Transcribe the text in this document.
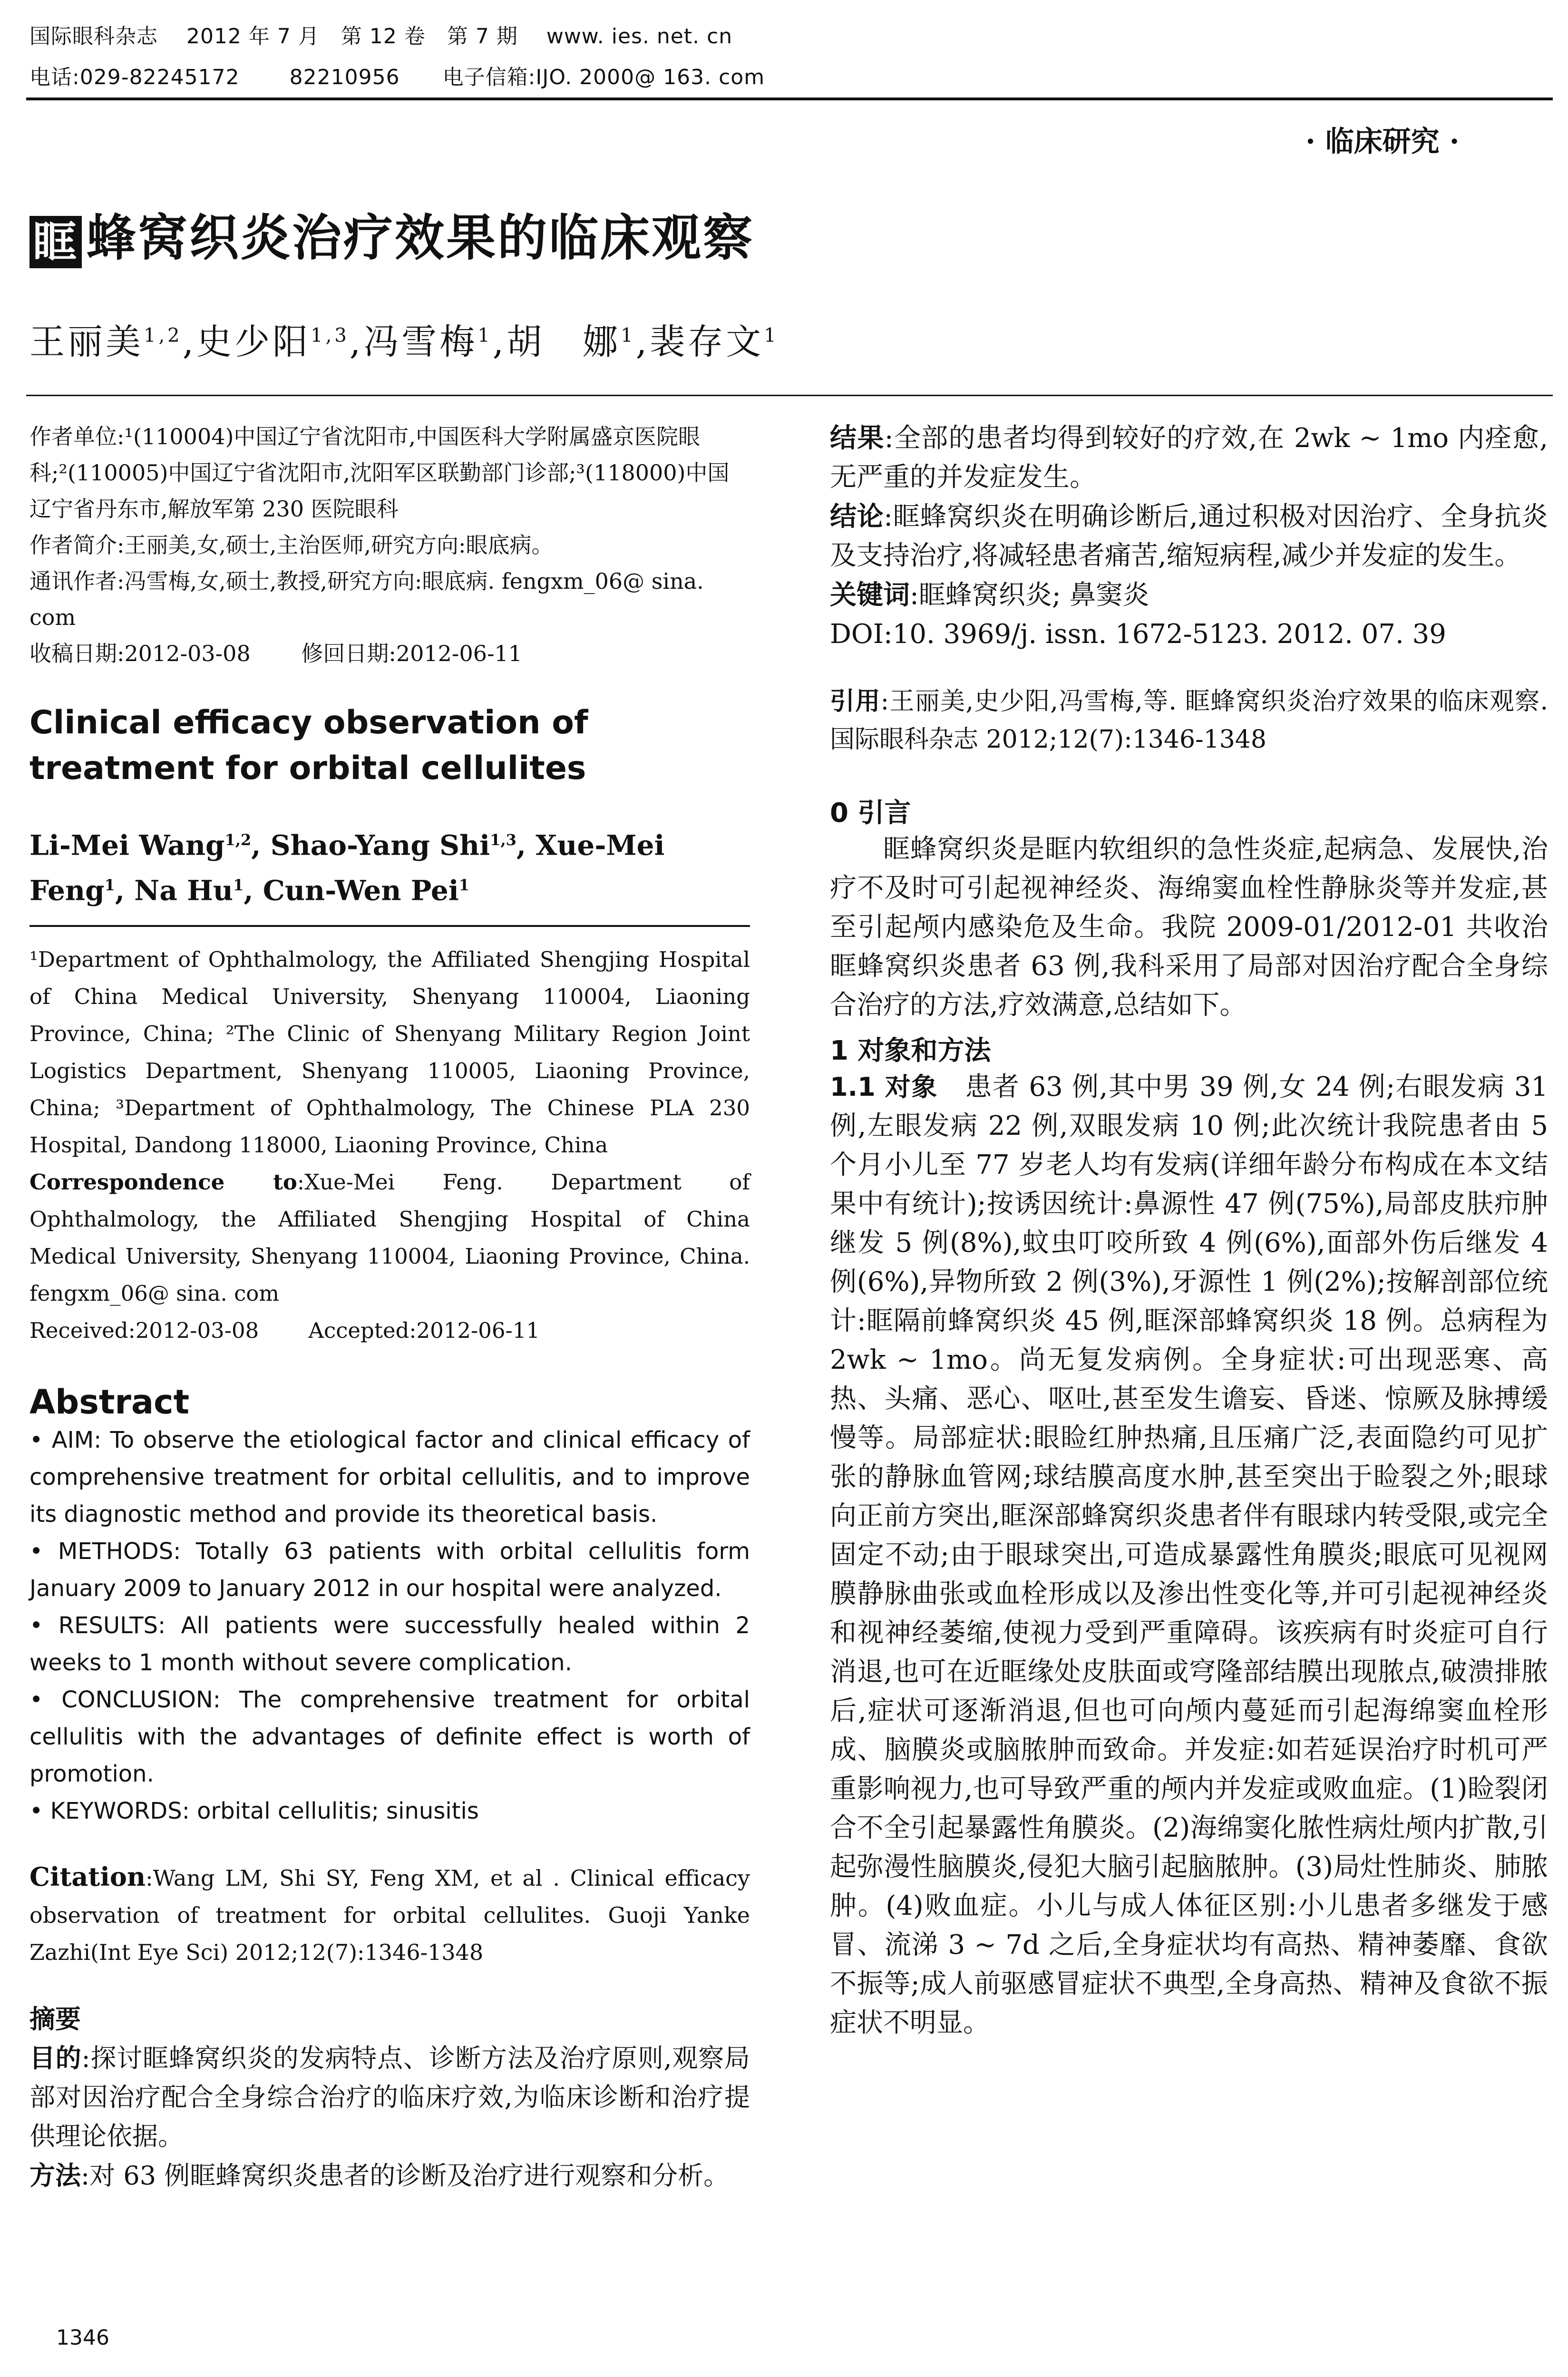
国际眼科杂志　 2012 年 7 月　第 12 卷　第 7 期　 www. ies. net. cn
电话:029-82245172　　 82210956　　电子信箱:IJO. 2000@ 163. com
· 临床研究 ·
眶 蜂窝织炎治疗效果的临床观察
王丽美$^{1,2}$,史少阳$^{1,3}$,冯雪梅$^1$,胡　娜$^1$,裴存文$^1$
作者单位:¹(110004)中国辽宁省沈阳市,中国医科大学附属盛京医院眼科;²(110005)中国辽宁省沈阳市,沈阳军区联勤部门诊部;³(118000)中国辽宁省丹东市,解放军第 230 医院眼科
作者简介:王丽美,女,硕士,主治医师,研究方向:眼底病。
通讯作者:冯雪梅,女,硕士,教授,研究方向:眼底病. fengxm_06@ sina. com
收稿日期:2012-03-08　　 修回日期:2012-06-11
Clinical efficacy observation of treatment for orbital cellulites
Li-Mei Wang$^{1,2}$, Shao-Yang Shi$^{1,3}$, Xue-Mei Feng$^1$, Na Hu$^1$, Cun-Wen Pei$^1$
¹Department of Ophthalmology, the Affiliated Shengjing Hospital of China Medical University, Shenyang 110004, Liaoning Province, China; ²The Clinic of Shenyang Military Region Joint Logistics Department, Shenyang 110005, Liaoning Province, China; ³Department of Ophthalmology, The Chinese PLA 230 Hospital, Dandong 118000, Liaoning Province, China
Correspondence to:Xue-Mei Feng. Department of Ophthalmology, the Affiliated Shengjing Hospital of China Medical University, Shenyang 110004, Liaoning Province, China. fengxm_06@ sina. com
Received:2012-03-08　　 Accepted:2012-06-11
Abstract

• AIM: To observe the etiological factor and clinical efficacy of comprehensive treatment for orbital cellulitis, and to improve its diagnostic method and provide its theoretical basis.

• METHODS: Totally 63 patients with orbital cellulitis form January 2009 to January 2012 in our hospital were analyzed.

• RESULTS: All patients were successfully healed within 2 weeks to 1 month without severe complication.

• CONCLUSION: The comprehensive treatment for orbital cellulitis with the advantages of definite effect is worth of promotion.

• KEYWORDS: orbital cellulitis; sinusitis

Citation:Wang LM, Shi SY, Feng XM, et al . Clinical efficacy observation of treatment for orbital cellulites. Guoji Yanke Zazhi(Int Eye Sci) 2012;12(7):1346-1348
摘要

目的:探讨眶蜂窝织炎的发病特点、诊断方法及治疗原则,观察局部对因治疗配合全身综合治疗的临床疗效,为临床诊断和治疗提供理论依据。

方法:对 63 例眶蜂窝织炎患者的诊断及治疗进行观察和分析。

1346
结果:全部的患者均得到较好的疗效,在 2wk ~ 1mo 内痊愈,无严重的并发症发生。
结论:眶蜂窝织炎在明确诊断后,通过积极对因治疗、全身抗炎及支持治疗,将减轻患者痛苦,缩短病程,减少并发症的发生。
关键词:眶蜂窝织炎; 鼻窦炎
DOI:10. 3969/j. issn. 1672-5123. 2012. 07. 39
引用:王丽美,史少阳,冯雪梅,等. 眶蜂窝织炎治疗效果的临床观察. 国际眼科杂志 2012;12(7):1346-1348
0 引言

眶蜂窝织炎是眶内软组织的急性炎症,起病急、发展快,治疗不及时可引起视神经炎、海绵窦血栓性静脉炎等并发症,甚至引起颅内感染危及生命。我院 2009-01/2012-01 共收治眶蜂窝织炎患者 63 例,我科采用了局部对因治疗配合全身综合治疗的方法,疗效满意,总结如下。

1 对象和方法

1.1 对象　 患者 63 例,其中男 39 例,女 24 例;右眼发病 31 例,左眼发病 22 例,双眼发病 10 例;此次统计我院患者由 5 个月小儿至 77 岁老人均有发病(详细年龄分布构成在本文结果中有统计);按诱因统计:鼻源性 47 例(75%),局部皮肤疖肿继发 5 例(8%),蚊虫叮咬所致 4 例(6%),面部外伤后继发 4 例(6%),异物所致 2 例(3%),牙源性 1 例(2%);按解剖部位统计:眶隔前蜂窝织炎 45 例,眶深部蜂窝织炎 18 例。总病程为 2wk ~ 1mo。尚无复发病例。全身症状:可出现恶寒、高热、头痛、恶心、呕吐,甚至发生谵妄、昏迷、惊厥及脉搏缓慢等。局部症状:眼睑红肿热痛,且压痛广泛,表面隐约可见扩张的静脉血管网;球结膜高度水肿,甚至突出于睑裂之外;眼球向正前方突出,眶深部蜂窝织炎患者伴有眼球内转受限,或完全固定不动;由于眼球突出,可造成暴露性角膜炎;眼底可见视网膜静脉曲张或血栓形成以及渗出性变化等,并可引起视神经炎和视神经萎缩,使视力受到严重障碍。该疾病有时炎症可自行消退,也可在近眶缘处皮肤面或穹隆部结膜出现脓点,破溃排脓后,症状可逐渐消退,但也可向颅内蔓延而引起海绵窦血栓形成、脑膜炎或脑脓肿而致命。并发症:如若延误治疗时机可严重影响视力,也可导致严重的颅内并发症或败血症。(1)睑裂闭合不全引起暴露性角膜炎。(2)海绵窦化脓性病灶颅内扩散,引起弥漫性脑膜炎,侵犯大脑引起脑脓肿。(3)局灶性肺炎、肺脓肿。(4)败血症。小儿与成人体征区别:小儿患者多继发于感冒、流涕 3 ~ 7d 之后,全身症状均有高热、精神萎靡、食欲不振等;成人前驱感冒症状不典型,全身高热、精神及食欲不振症状不明显。
